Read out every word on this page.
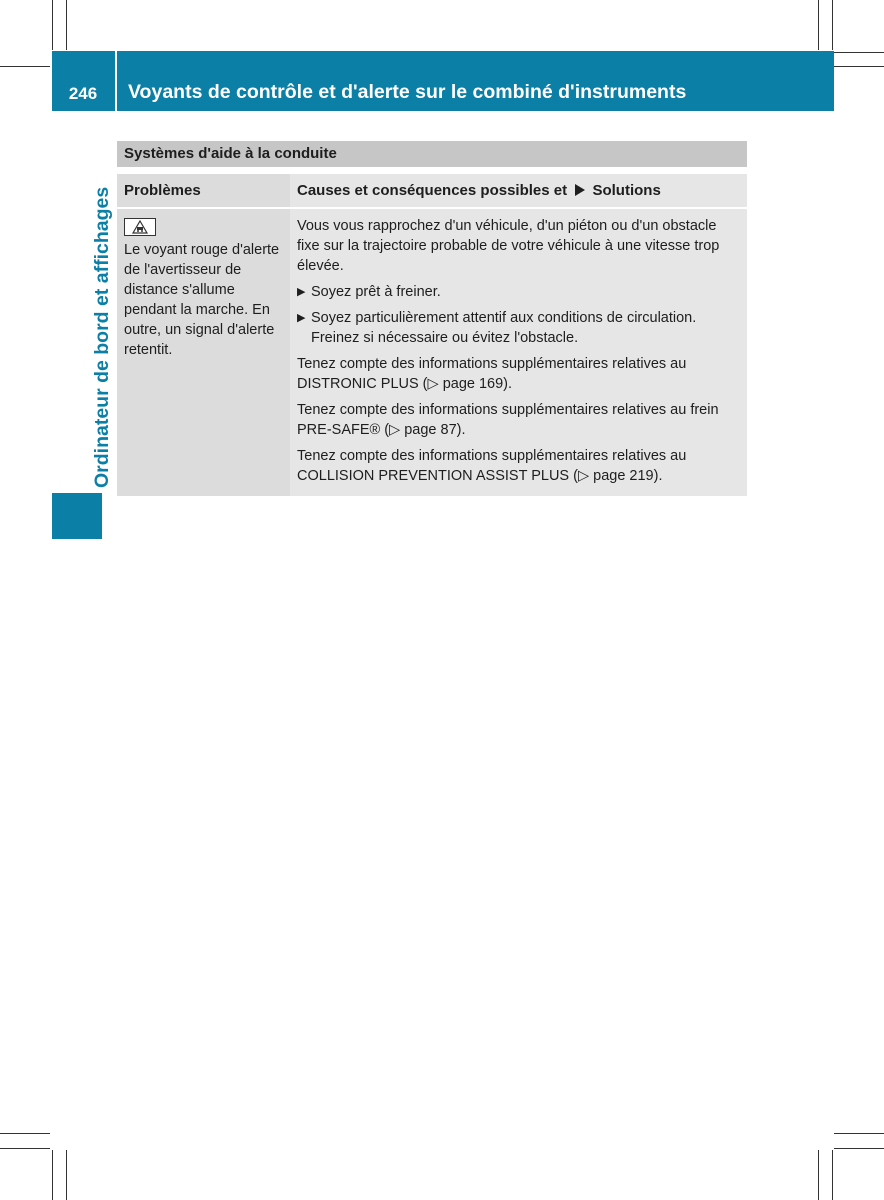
246	Voyants de contrôle et d'alerte sur le combiné d'instruments
Ordinateur de bord et affichages
Systèmes d'aide à la conduite
Problèmes	Causes et conséquences possibles et Solutions
Le voyant rouge d'alerte de l'avertisseur de distance s'allume pendant la marche. En outre, un signal d'alerte retentit.

Vous vous rapprochez d'un véhicule, d'un piéton ou d'un obstacle fixe sur la trajectoire probable de votre véhicule à une vitesse trop élevée.

▶ Soyez prêt à freiner.
▶ Soyez particulièrement attentif aux conditions de circulation. Freinez si nécessaire ou évitez l'obstacle.

Tenez compte des informations supplémentaires relatives au DISTRONIC PLUS (▷ page 169).

Tenez compte des informations supplémentaires relatives au frein PRE-SAFE® (▷ page 87).

Tenez compte des informations supplémentaires relatives au COLLISION PREVENTION ASSIST PLUS (▷ page 219).
